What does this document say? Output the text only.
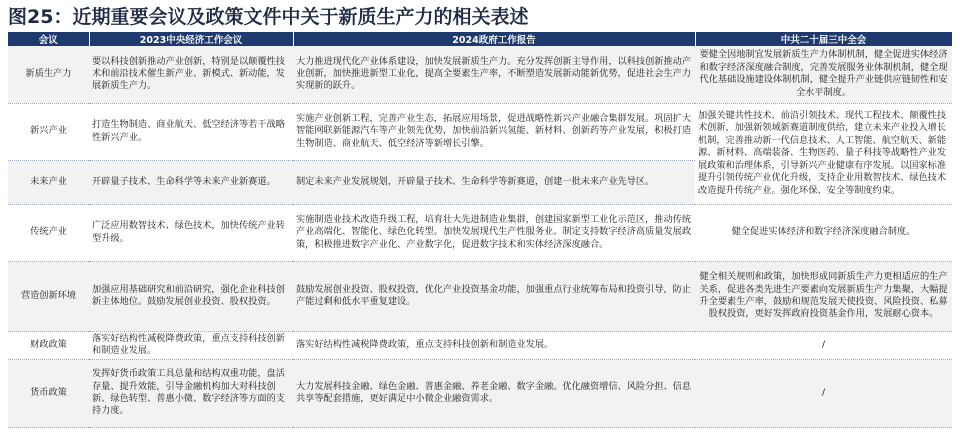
图25：近期重要会议及政策文件中关于新质生产力的相关表述
会议	2023中央经济工作会议	2024政府工作报告	中共二十届三中全会
新质生产力	要以科技创新推动产业创新，特别是以颠覆性技术和前沿技术催生新产业、新模式、新动能，发展新质生产力。	大力推进现代化产业体系建设，加快发展新质生产力。充分发挥创新主导作用，以科技创新推动产业创新，加快推进新型工业化，提高全要素生产率，不断塑造发展新动能新优势，促进社会生产力实现新的跃升。	要健全因地制宜发展新质生产力体制机制，健全促进实体经济和数字经济深度融合制度，完善发展服务业体制机制，健全现代化基础设施建设体制机制，健全提升产业链供应链韧性和安全水平制度。
新兴产业	打造生物制造、商业航天、低空经济等若干战略性新兴产业。	实施产业创新工程，完善产业生态，拓展应用场景，促进战略性新兴产业融合集群发展。巩固扩大智能网联新能源汽车等产业领先优势，加快前沿新兴氢能、新材料、创新药等产业发展，积极打造生物制造、商业航天、低空经济等新增长引擎。	加强关键共性技术、前沿引领技术、现代工程技术、颠覆性技术创新，加强新领域新赛道制度供给，建立未来产业投入增长机制，完善推动新一代信息技术、人工智能、航空航天、新能源、新材料、高端装备、生物医药、量子科技等战略性产业发展政策和治理体系，引导新兴产业健康有序发展。以国家标准提升引领传统产业优化升级，支持企业用数智技术、绿色技术改造提升传统产业。强化环保、安全等制度约束。
未来产业	开辟量子技术、生命科学等未来产业新赛道。	制定未来产业发展规划，开辟量子技术、生命科学等新赛道，创建一批未来产业先导区。	
传统产业	广泛应用数智技术、绿色技术，加快传统产业转型升级。	实施制造业技术改造升级工程，培育壮大先进制造业集群，创建国家新型工业化示范区，推动传统产业高端化、智能化、绿色化转型。加快发展现代生产性服务业。制定支持数字经济高质量发展政策，积极推进数字产业化、产业数字化，促进数字技术和实体经济深度融合。	健全促进实体经济和数字经济深度融合制度。
营造创新环境	加强应用基础研究和前沿研究，强化企业科技创新主体地位。鼓励发展创业投资、股权投资。	鼓励发展创业投资、股权投资，优化产业投资基金功能，加强重点行业统筹布局和投资引导，防止产能过剩和低水平重复建设。	健全相关规则和政策，加快形成同新质生产力更相适应的生产关系，促进各类先进生产要素向发展新质生产力集聚，大幅提升全要素生产率，鼓励和规范发展天使投资、风险投资、私募股权投资，更好发挥政府投资基金作用，发展耐心资本。
财政政策	落实好结构性减税降费政策，重点支持科技创新和制造业发展。	落实好结构性减税降费政策，重点支持科技创新和制造业发展。	/
货币政策	发挥好货币政策工具总量和结构双重功能，盘活存量、提升效能，引导金融机构加大对科技创新、绿色转型、普惠小微、数字经济等方面的支持力度。	大力发展科技金融、绿色金融、普惠金融、养老金融、数字金融。优化融资增信、风险分担、信息共享等配套措施，更好满足中小微企业融资需求。	/
